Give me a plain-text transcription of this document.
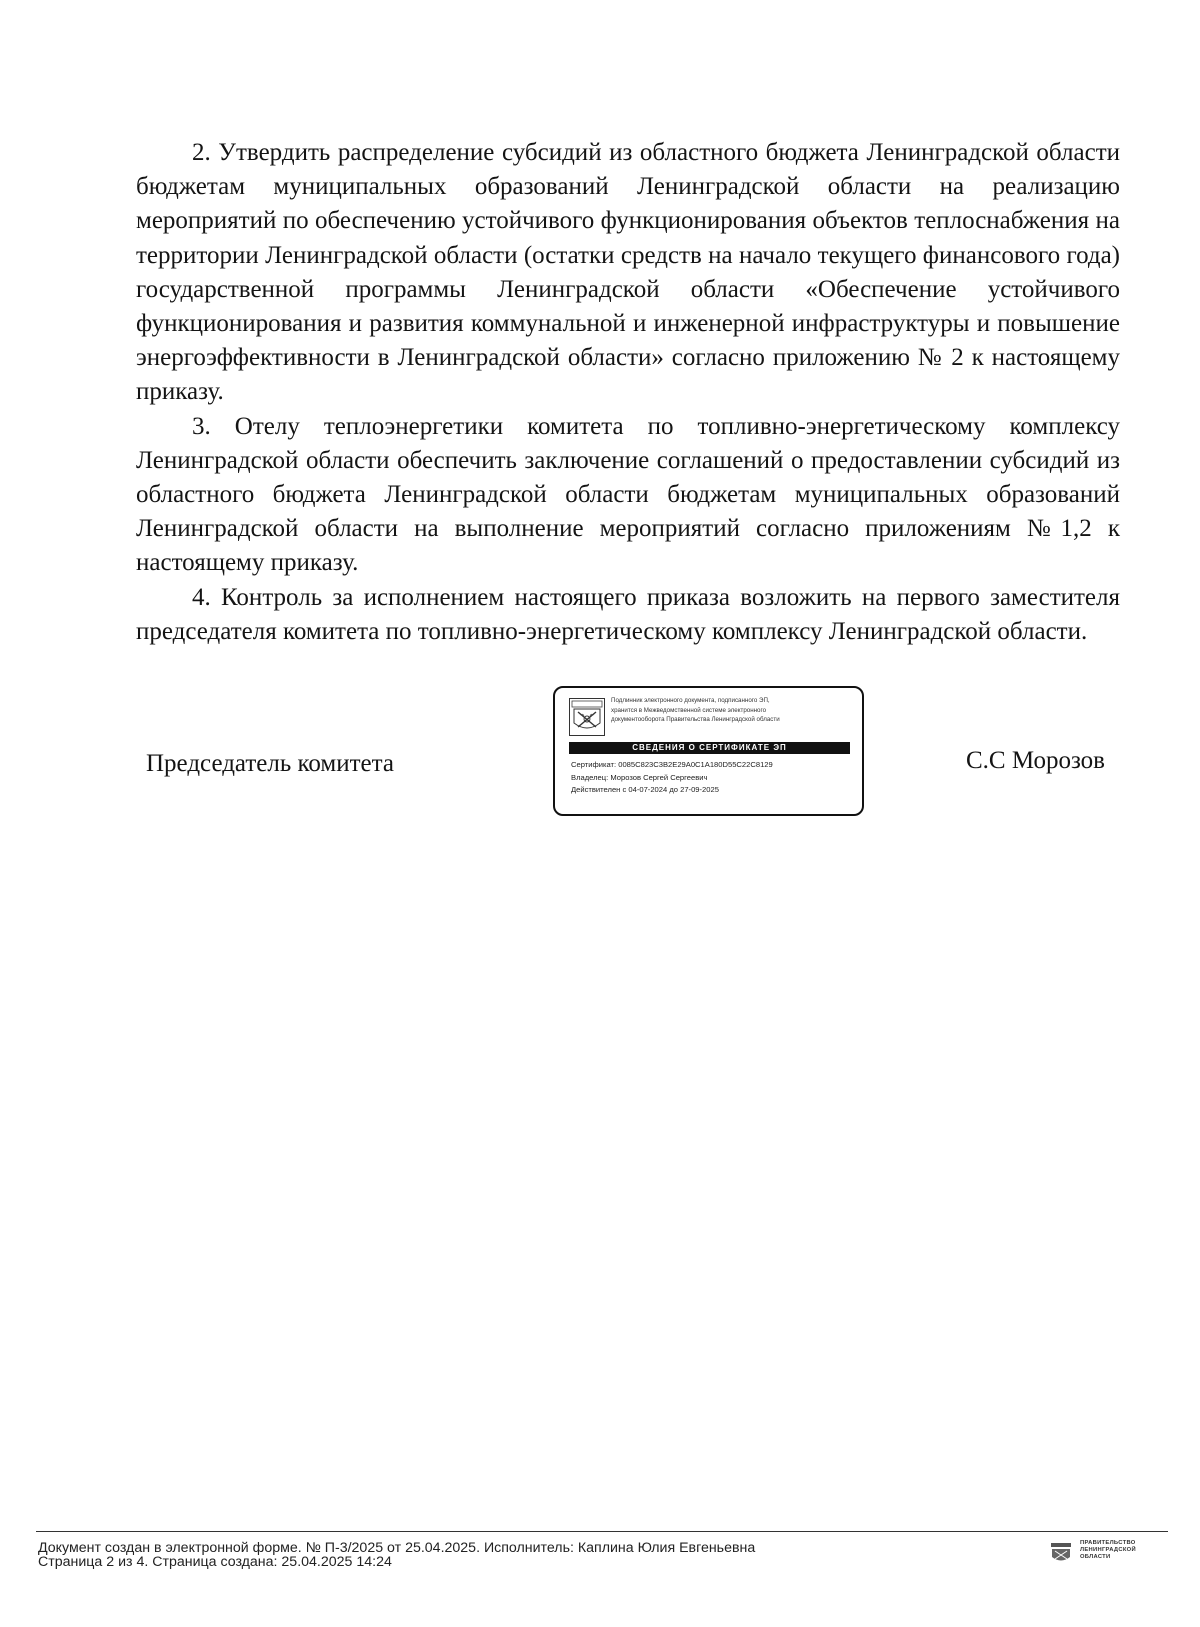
2. Утвердить распределение субсидий из областного бюджета Ленинградской области бюджетам муниципальных образований Ленинградской области на реализацию мероприятий по обеспечению устойчивого функционирования объектов теплоснабжения на территории Ленинградской области (остатки средств на начало текущего финансового года) государственной программы Ленинградской области «Обеспечение устойчивого функционирования и развития коммунальной и инженерной инфраструктуры и повышение энергоэффективности в Ленинградской области» согласно приложению № 2 к настоящему приказу.

3. Отелу теплоэнергетики комитета по топливно-энергетическому комплексу Ленинградской области обеспечить заключение соглашений о предоставлении субсидий из областного бюджета Ленинградской области бюджетам муниципальных образований Ленинградской области на выполнение мероприятий согласно приложениям №1,2 к настоящему приказу.

4. Контроль за исполнением настоящего приказа возложить на первого заместителя председателя комитета по топливно-энергетическому комплексу Ленинградской области.

Председатель комитета
Подлинник электронного документа, подписанного ЭП,
хранится в Межведомственной системе электронного
документооборота Правительства Ленинградской области
СВЕДЕНИЯ О СЕРТИФИКАТЕ ЭП
Сертификат: 0085C823C3B2E29A0C1A180D55C22C8129
Владелец: Морозов Сергей Сергеевич
Действителен с 04-07-2024 до 27-09-2025
С.С Морозов
Документ создан в электронной форме. № П-3/2025 от 25.04.2025. Исполнитель: Каплина Юлия Евгеньевна
Страница 2 из 4. Страница создана: 25.04.2025 14:24
ПРАВИТЕЛЬСТВО
ЛЕНИНГРАДСКОЙ
ОБЛАСТИ
